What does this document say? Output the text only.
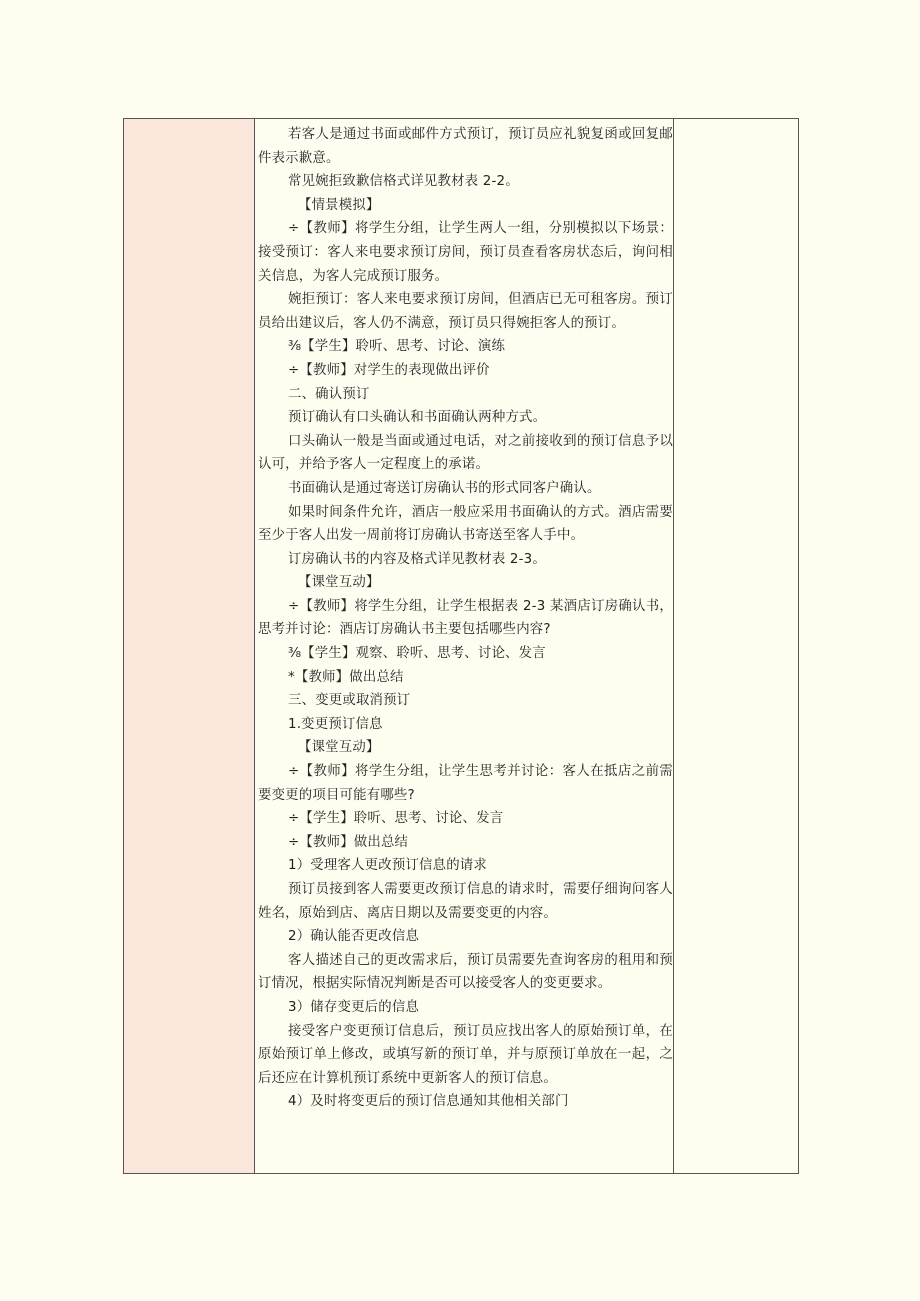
若客人是通过书面或邮件方式预订，预订员应礼貌复函或回复邮件表示歉意。

常见婉拒致歉信格式详见教材表 2-2。

【情景模拟】

÷【教师】将学生分组，让学生两人一组，分别模拟以下场景：接受预订：客人来电要求预订房间，预订员查看客房状态后，询问相关信息，为客人完成预订服务。

婉拒预订：客人来电要求预订房间，但酒店已无可租客房。预订员给出建议后，客人仍不满意，预订员只得婉拒客人的预订。

⅜【学生】聆听、思考、讨论、演练

÷【教师】对学生的表现做出评价

二、确认预订

预订确认有口头确认和书面确认两种方式。

口头确认一般是当面或通过电话，对之前接收到的预订信息予以认可，并给予客人一定程度上的承诺。

书面确认是通过寄送订房确认书的形式同客户确认。

如果时间条件允许，酒店一般应采用书面确认的方式。酒店需要至少于客人出发一周前将订房确认书寄送至客人手中。

订房确认书的内容及格式详见教材表 2-3。

【课堂互动】

÷【教师】将学生分组，让学生根据表 2-3 某酒店订房确认书，思考并讨论：酒店订房确认书主要包括哪些内容?

⅜【学生】观察、聆听、思考、讨论、发言

*【教师】做出总结

三、变更或取消预订

1.变更预订信息

【课堂互动】

÷【教师】将学生分组，让学生思考并讨论：客人在抵店之前需要变更的项目可能有哪些?

÷【学生】聆听、思考、讨论、发言

÷【教师】做出总结

1）受理客人更改预订信息的请求

预订员接到客人需要更改预订信息的请求时，需要仔细询问客人姓名，原始到店、离店日期以及需要变更的内容。

2）确认能否更改信息

客人描述自己的更改需求后，预订员需要先查询客房的租用和预订情况，根据实际情况判断是否可以接受客人的变更要求。

3）储存变更后的信息

接受客户变更预订信息后，预订员应找出客人的原始预订单，在原始预订单上修改，或填写新的预订单，并与原预订单放在一起，之后还应在计算机预订系统中更新客人的预订信息。

4）及时将变更后的预订信息通知其他相关部门
